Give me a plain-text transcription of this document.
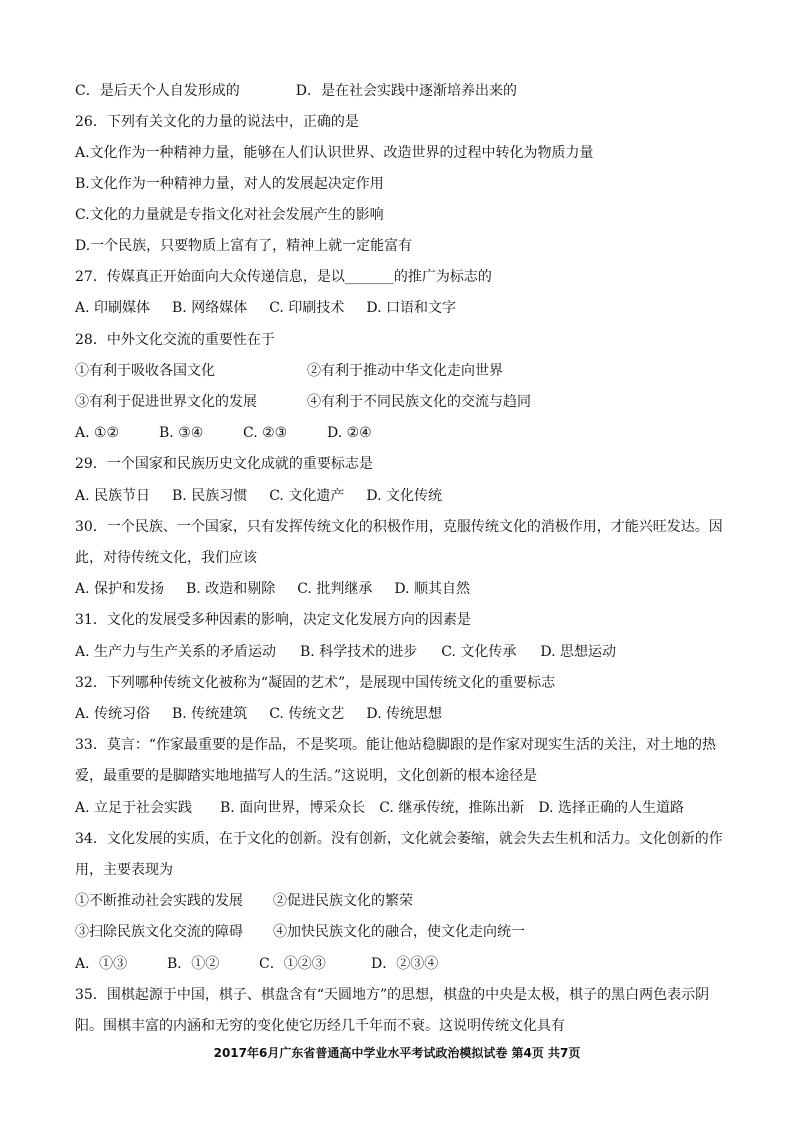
C．是后天个人自发形成的	D．是在社会实践中逐渐培养出来的
26．下列有关文化的力量的说法中，正确的是
A.文化作为一种精神力量，能够在人们认识世界、改造世界的过程中转化为物质力量
B.文化作为一种精神力量，对人的发展起决定作用
C.文化的力量就是专指文化对社会发展产生的影响
D.一个民族，只要物质上富有了，精神上就一定能富有
27．传媒真正开始面向大众传递信息，是以_______的推广为标志的
A. 印刷媒体 B. 网络媒体 C. 印刷技术 D. 口语和文字
28．中外文化交流的重要性在于
①有利于吸收各国文化	②有利于推动中华文化走向世界
③有利于促进世界文化的发展	④有利于不同民族文化的交流与趋同
A. ①②	B. ③④	C. ②③	D. ②④
29．一个国家和民族历史文化成就的重要标志是
A. 民族节日 B. 民族习惯 C. 文化遗产 D. 文化传统
30．一个民族、一个国家，只有发挥传统文化的积极作用，克服传统文化的消极作用，才能兴旺发达。因
此，对待传统文化，我们应该
A. 保护和发扬 B. 改造和剔除 C. 批判继承 D. 顺其自然
31．文化的发展受多种因素的影响，决定文化发展方向的因素是
A. 生产力与生产关系的矛盾运动 B. 科学技术的进步 C. 文化传承 D. 思想运动
32．下列哪种传统文化被称为“凝固的艺术”，是展现中国传统文化的重要标志
A. 传统习俗 B. 传统建筑 C. 传统文艺 D. 传统思想
33．莫言：“作家最重要的是作品，不是奖项。能让他站稳脚跟的是作家对现实生活的关注，对土地的热
爱，最重要的是脚踏实地地描写人的生活。”这说明，文化创新的根本途径是
A. 立足于社会实践 B. 面向世界，博采众长 C. 继承传统，推陈出新 D. 选择正确的人生道路
34．文化发展的实质，在于文化的创新。没有创新，文化就会萎缩，就会失去生机和活力。文化创新的作
用，主要表现为
①不断推动社会实践的发展 ②促进民族文化的繁荣
③扫除民族文化交流的障碍 ④加快民族文化的融合，使文化走向统一
A．①③	B．①②	C．①②③	D．②③④
35．围棋起源于中国，棋子、棋盘含有“天圆地方”的思想，棋盘的中央是太极，棋子的黑白两色表示阴
阳。围棋丰富的内涵和无穷的变化使它历经几千年而不衰。这说明传统文化具有
2017年6月广东省普通高中学业水平考试政治模拟试卷 第4页 共7页
